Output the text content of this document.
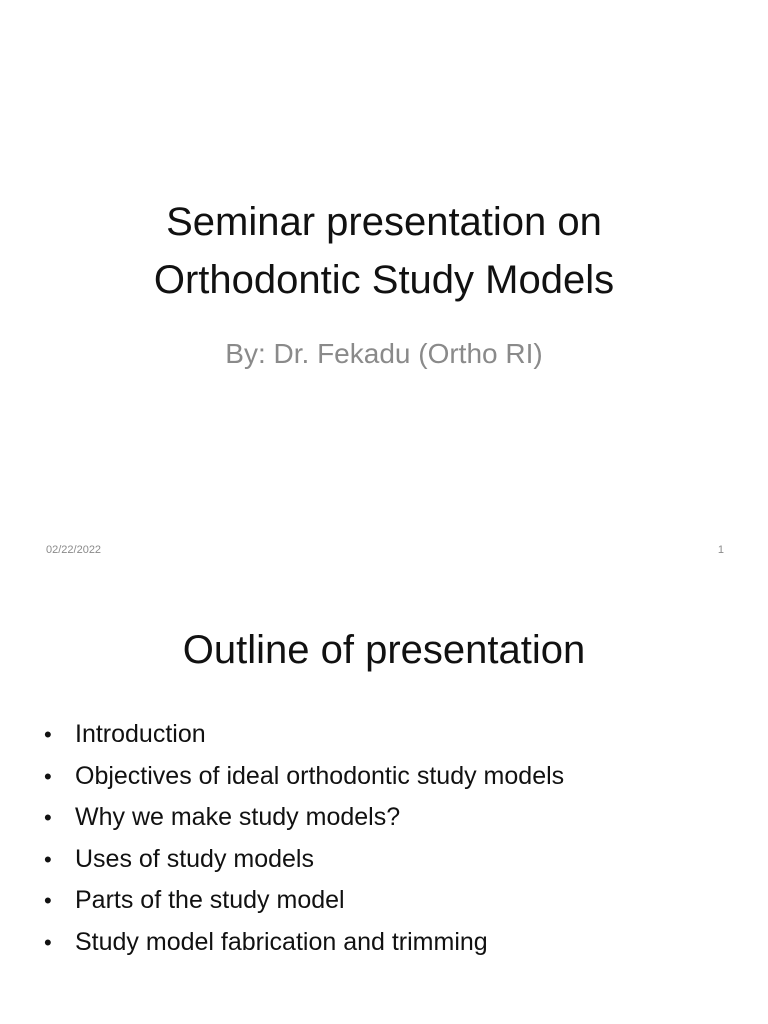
Seminar presentation on
Orthodontic Study Models
By: Dr. Fekadu (Ortho RI)
02/22/2022	1
Outline of presentation
• Introduction
• Objectives of ideal orthodontic study models
• Why we make study models?
• Uses of study models
• Parts of the study model
• Study model fabrication and trimming
